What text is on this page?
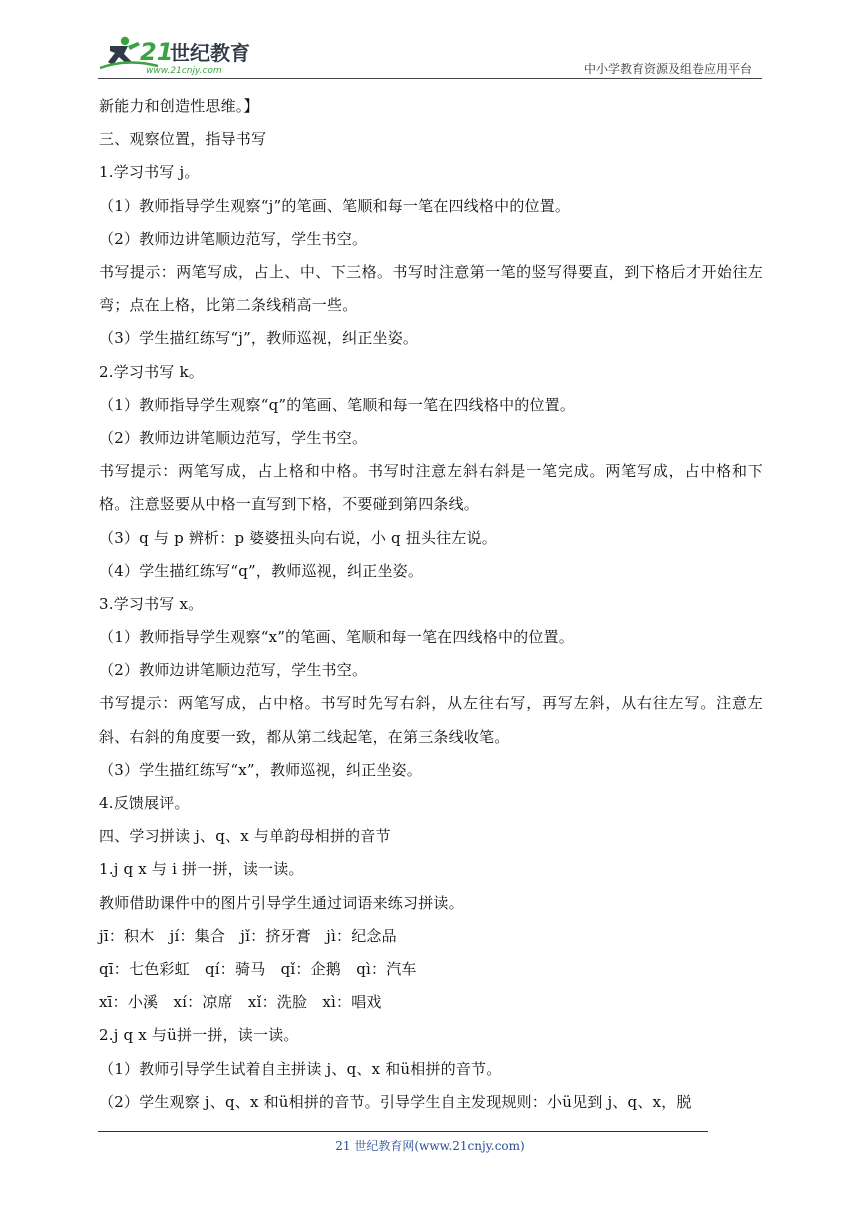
21
世纪教育
www.21cnjy.com	中小学教育资源及组卷应用平台

新能力和创造性思维。】

三、观察位置，指导书写

1.学习书写 j。

（1）教师指导学生观察“j”的笔画、笔顺和每一笔在四线格中的位置。

（2）教师边讲笔顺边范写，学生书空。

书写提示：两笔写成，占上、中、下三格。书写时注意第一笔的竖写得要直，到下格后才开始往左弯；点在上格，比第二条线稍高一些。

（3）学生描红练写“j”，教师巡视，纠正坐姿。

2.学习书写 k。

（1）教师指导学生观察“q”的笔画、笔顺和每一笔在四线格中的位置。

（2）教师边讲笔顺边范写，学生书空。

书写提示：两笔写成，占上格和中格。书写时注意左斜右斜是一笔完成。两笔写成，占中格和下格。注意竖要从中格一直写到下格，不要碰到第四条线。

（3）q 与 p 辨析：p 婆婆扭头向右说，小 q 扭头往左说。

（4）学生描红练写“q”，教师巡视，纠正坐姿。

3.学习书写 x。

（1）教师指导学生观察“x”的笔画、笔顺和每一笔在四线格中的位置。

（2）教师边讲笔顺边范写，学生书空。

书写提示：两笔写成，占中格。书写时先写右斜，从左往右写，再写左斜，从右往左写。注意左斜、右斜的角度要一致，都从第二线起笔，在第三条线收笔。

（3）学生描红练写“x”，教师巡视，纠正坐姿。

4.反馈展评。

四、学习拼读 j、q、x 与单韵母相拼的音节

1.j q x 与 i 拼一拼，读一读。

教师借助课件中的图片引导学生通过词语来练习拼读。

jī：积木　jí：集合　jǐ：挤牙膏　jì：纪念品

qī：七色彩虹　qí：骑马　qǐ：企鹅　qì：汽车

xī：小溪　xí：凉席　xǐ：洗脸　xì：唱戏

2.j q x 与ü拼一拼，读一读。

（1）教师引导学生试着自主拼读 j、q、x 和ü相拼的音节。

（2）学生观察 j、q、x 和ü相拼的音节。引导学生自主发现规则：小ü见到 j、q、x，脱

21 世纪教育网(www.21cnjy.com)
